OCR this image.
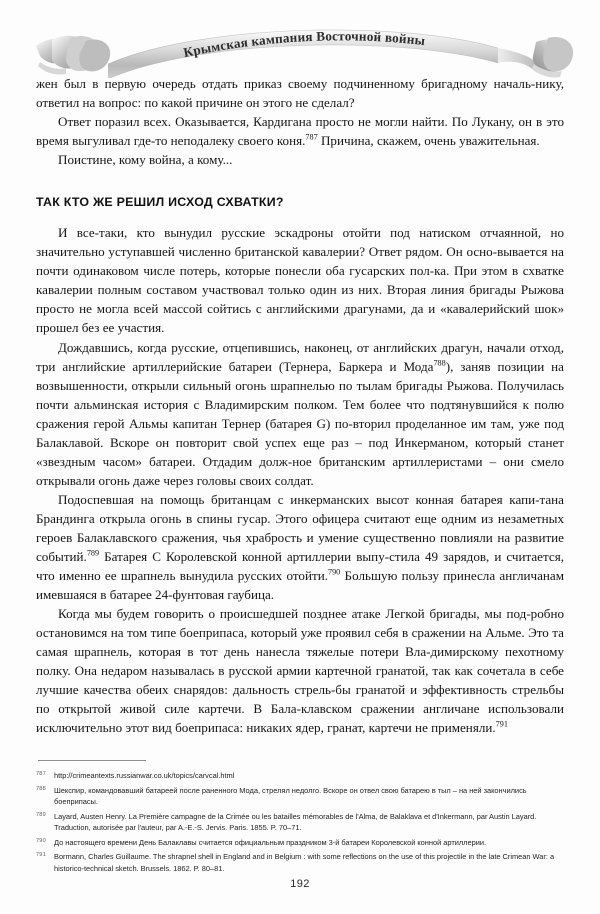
Крымская кампания Восточной войны

жен был в первую очередь отдать приказ своему подчиненному бригадному началь-нику, ответил на вопрос: по какой причине он этого не сделал?

Ответ поразил всех. Оказывается, Кардигана просто не могли найти. По Лукану, он в это время выгуливал где-то неподалеку своего коня.$^{787}$ Причина, скажем, очень уважительная.

Поистине, кому война, а кому...

ТАК КТО ЖЕ РЕШИЛ ИСХОД СХВАТКИ?

И все-таки, кто вынудил русские эскадроны отойти под натиском отчаянной, но значительно уступавшей численно британской кавалерии? Ответ рядом. Он осно-вывается на почти одинаковом числе потерь, которые понесли оба гусарских пол-ка. При этом в схватке кавалерии полным составом участвовал только один из них. Вторая линия бригады Рыжова просто не могла всей массой сойтись с английскими драгунами, да и «кавалерийский шок» прошел без ее участия.

Дождавшись, когда русские, отцепившись, наконец, от английских драгун, начали отход, три английские артиллерийские батареи (Тернера, Баркера и Мода$^{788}$), заняв позиции на возвышенности, открыли сильный огонь шрапнелью по тылам бригады Рыжова. Получилась почти альминская история с Владимирским полком. Тем более что подтянувшийся к полю сражения герой Альмы капитан Тернер (батарея G) по-вторил проделанное им там, уже под Балаклавой. Вскоре он повторит свой успех еще раз – под Инкерманом, который станет «звездным часом» батареи. Отдадим долж-ное британским артиллеристами – они смело открывали огонь даже через головы своих солдат.

Подоспевшая на помощь британцам с инкерманских высот конная батарея капи-тана Брандинга открыла огонь в спины гусар. Этого офицера считают еще одним из незаметных героев Балаклавского сражения, чья храбрость и умение существенно повлияли на развитие событий.$^{789}$ Батарея С Королевской конной артиллерии выпу-стила 49 зарядов, и считается, что именно ее шрапнель вынудила русских отойти.$^{790}$ Большую пользу принесла англичанам имевшаяся в батарее 24-фунтовая гаубица.

Когда мы будем говорить о происшедшей позднее атаке Легкой бригады, мы под-робно остановимся на том типе боеприпаса, который уже проявил себя в сражении на Альме. Это та самая шрапнель, которая в тот день нанесла тяжелые потери Вла-димирскому пехотному полку. Она недаром называлась в русской армии картечной гранатой, так как сочетала в себе лучшие качества обеих снарядов: дальность стрель-бы гранатой и эффективность стрельбы по открытой живой силе картечи. В Бала-клавском сражении англичане использовали исключительно этот вид боеприпаса: никаких ядер, гранат, картечи не применяли.$^{791}$

787	http://crimeantexts.russianwar.co.uk/topics/carvcal.html
788	Шекспир, командовавший батареей после раненного Мода, стрелял недолго. Вскоре он отвел свою батарею в тыл – на ней закончились боеприпасы.
789	Layard, Austen Henry. La Première campagne de la Crimée ou les batailles mémorables de l'Alma, de Balaklava et d'Inkermann, par Austin Layard. Traduction, autorisée par l'auteur, par A.-E.-S. Jervis. Paris. 1855. P. 70–71.
790	До настоящего времени День Балаклавы считается официальным праздником 3-й батареи Королевской конной артиллерии.
791	Bormann, Charles Guillaume. The shrapnel shell in England and in Belgium : with some reflections on the use of this projectile in the late Crimean War: a historico-technical sketch. Brussels. 1862. P. 80–81.
192
